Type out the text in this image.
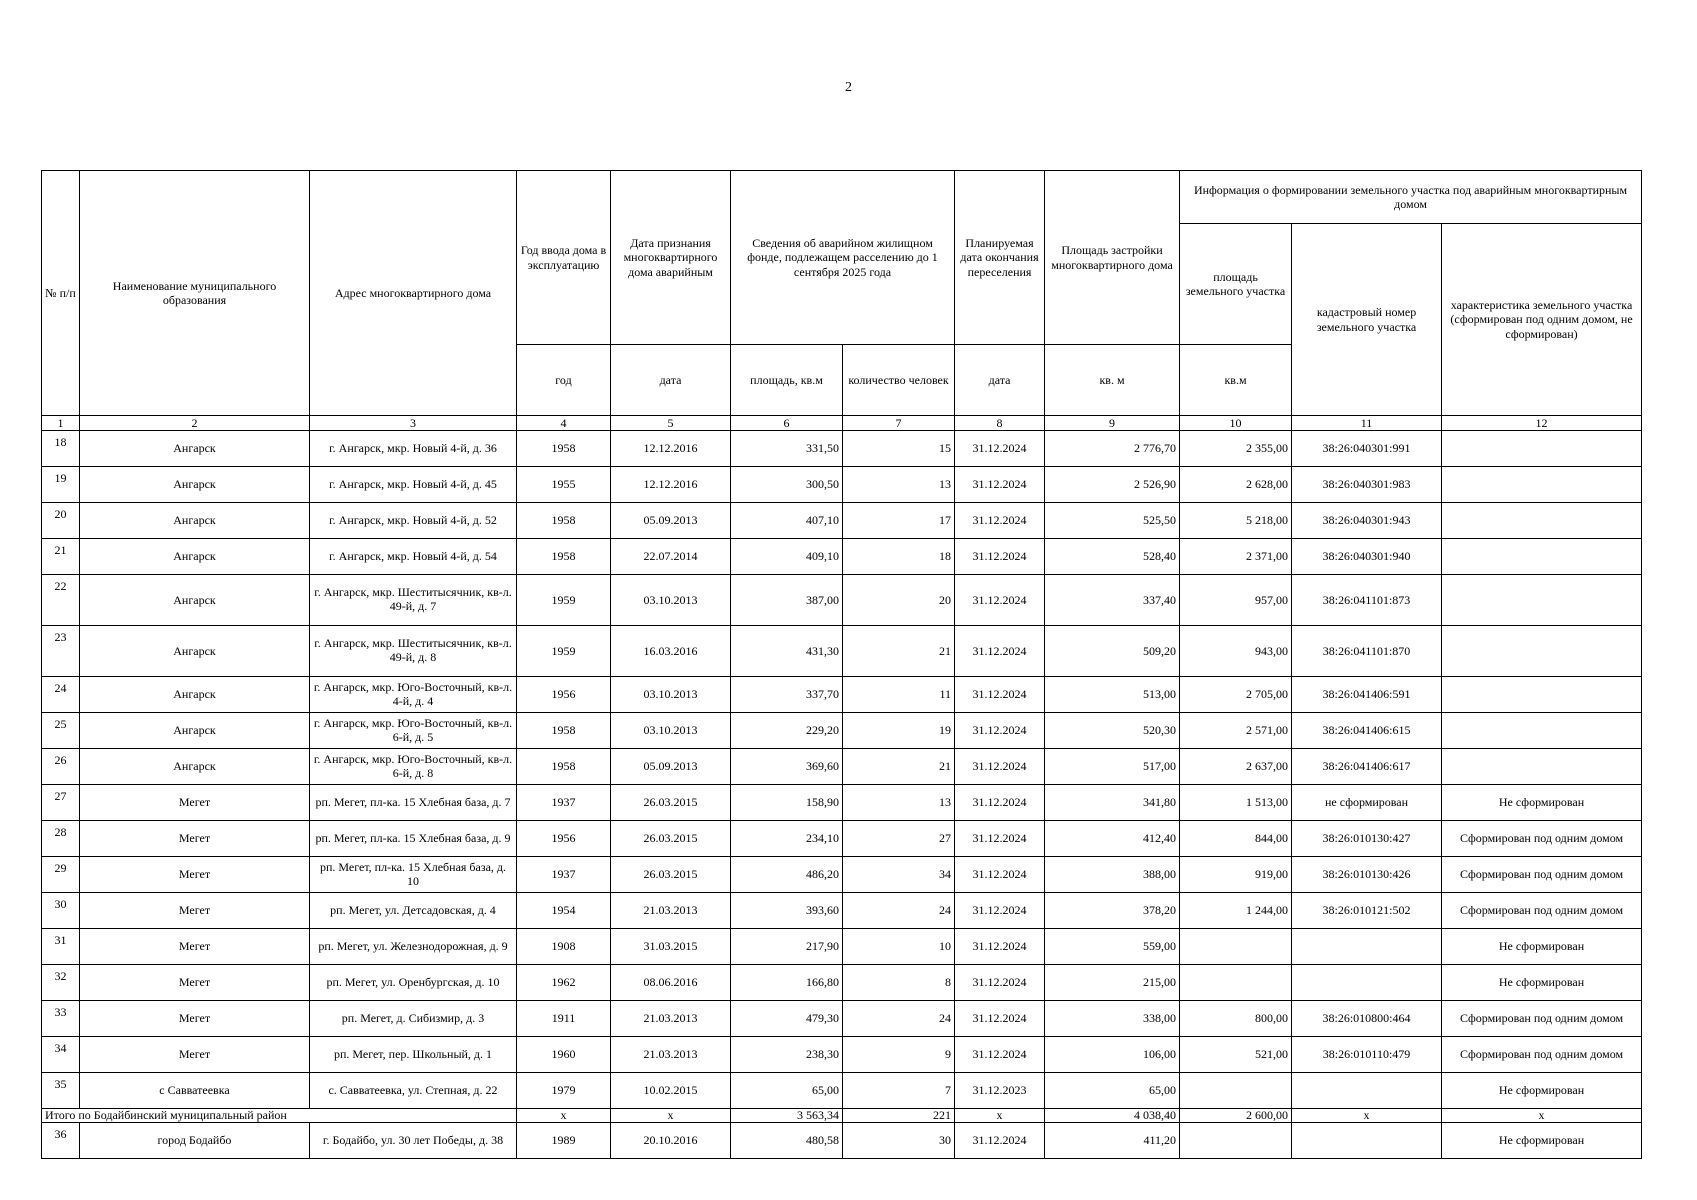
2
№ п/п	Наименование муниципального образования	Адрес многоквартирного дома	Год ввода дома в эксплуатацию	Дата признания многоквартирного дома аварийным	Сведения об аварийном жилищном фонде, подлежащем расселению до 1 сентября 2025 года		Планируемая дата окончания переселения	Площадь застройки многоквартирного дома	Информация о формировании земельного участка под аварийным многоквартирным домом		
									площадь земельного участка	кадастровый номер земельного участка	характеристика земельного участка (сформирован под одним домом, не сформирован)
			год	дата	площадь, кв.м	количество человек	дата	кв. м	кв.м		
1	2	3	4	5	6	7	8	9	10	11	12
18	Ангарск	г. Ангарск, мкр. Новый 4-й, д. 36	1958	12.12.2016	331,50	15	31.12.2024	2 776,70	2 355,00	38:26:040301:991	
19	Ангарск	г. Ангарск, мкр. Новый 4-й, д. 45	1955	12.12.2016	300,50	13	31.12.2024	2 526,90	2 628,00	38:26:040301:983	
20	Ангарск	г. Ангарск, мкр. Новый 4-й, д. 52	1958	05.09.2013	407,10	17	31.12.2024	525,50	5 218,00	38:26:040301:943	
21	Ангарск	г. Ангарск, мкр. Новый 4-й, д. 54	1958	22.07.2014	409,10	18	31.12.2024	528,40	2 371,00	38:26:040301:940	
22	Ангарск	г. Ангарск, мкр. Шеститысячник, кв-л. 49-й, д. 7	1959	03.10.2013	387,00	20	31.12.2024	337,40	957,00	38:26:041101:873	
23	Ангарск	г. Ангарск, мкр. Шеститысячник, кв-л. 49-й, д. 8	1959	16.03.2016	431,30	21	31.12.2024	509,20	943,00	38:26:041101:870	
24	Ангарск	г. Ангарск, мкр. Юго-Восточный, кв-л. 4-й, д. 4	1956	03.10.2013	337,70	11	31.12.2024	513,00	2 705,00	38:26:041406:591	
25	Ангарск	г. Ангарск, мкр. Юго-Восточный, кв-л. 6-й, д. 5	1958	03.10.2013	229,20	19	31.12.2024	520,30	2 571,00	38:26:041406:615	
26	Ангарск	г. Ангарск, мкр. Юго-Восточный, кв-л. 6-й, д. 8	1958	05.09.2013	369,60	21	31.12.2024	517,00	2 637,00	38:26:041406:617	
27	Мегет	рп. Мегет, пл-ка. 15 Хлебная база, д. 7	1937	26.03.2015	158,90	13	31.12.2024	341,80	1 513,00	не сформирован	Не сформирован
28	Мегет	рп. Мегет, пл-ка. 15 Хлебная база, д. 9	1956	26.03.2015	234,10	27	31.12.2024	412,40	844,00	38:26:010130:427	Сформирован под одним домом
29	Мегет	рп. Мегет, пл-ка. 15 Хлебная база, д. 10	1937	26.03.2015	486,20	34	31.12.2024	388,00	919,00	38:26:010130:426	Сформирован под одним домом
30	Мегет	рп. Мегет, ул. Детсадовская, д. 4	1954	21.03.2013	393,60	24	31.12.2024	378,20	1 244,00	38:26:010121:502	Сформирован под одним домом
31	Мегет	рп. Мегет, ул. Железнодорожная, д. 9	1908	31.03.2015	217,90	10	31.12.2024	559,00			Не сформирован
32	Мегет	рп. Мегет, ул. Оренбургская, д. 10	1962	08.06.2016	166,80	8	31.12.2024	215,00			Не сформирован
33	Мегет	рп. Мегет, д. Сибизмир, д. 3	1911	21.03.2013	479,30	24	31.12.2024	338,00	800,00	38:26:010800:464	Сформирован под одним домом
34	Мегет	рп. Мегет, пер. Школьный, д. 1	1960	21.03.2013	238,30	9	31.12.2024	106,00	521,00	38:26:010110:479	Сформирован под одним домом
35	с Савватеевка	с. Савватеевка, ул. Степная, д. 22	1979	10.02.2015	65,00	7	31.12.2023	65,00			Не сформирован
Итого по Бодайбинский муниципальный район			х	х	3 563,34	221	х	4 038,40	2 600,00	х	х
36	город Бодайбо	г. Бодайбо, ул. 30 лет Победы, д. 38	1989	20.10.2016	480,58	30	31.12.2024	411,20			Не сформирован
